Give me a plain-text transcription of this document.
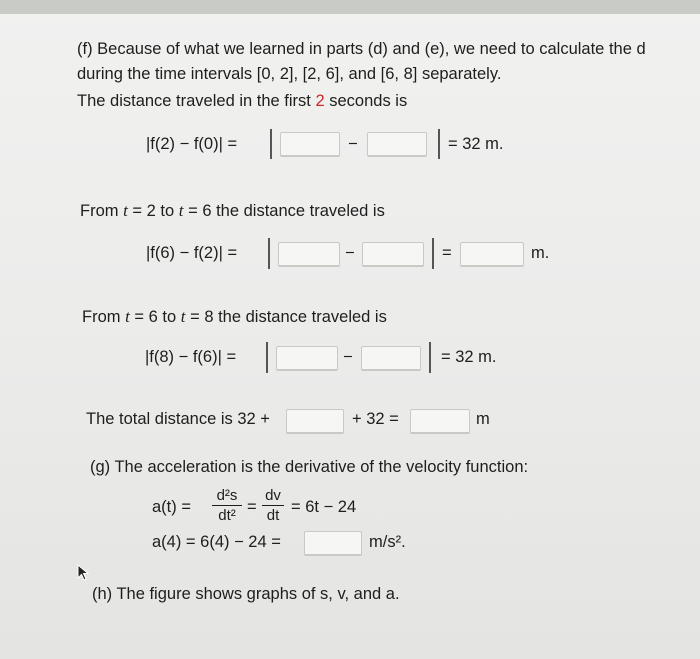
(f) Because of what we learned in parts (d) and (e), we need to calculate the d
during the time intervals [0, 2], [2, 6], and [6, 8] separately.
The distance traveled in the first 2 seconds is
|f(2) − f(0)| =	−	= 32 m.
From t = 2 to t = 6 the distance traveled is
|f(6) − f(2)| =	−	=	m.
From t = 6 to t = 8 the distance traveled is
|f(8) − f(6)| =	−	= 32 m.
The total distance is 32 +	+ 32 =	m
(g) The acceleration is the derivative of the velocity function:
a(t) =
d²s
dt² =
dv
dt = 6t − 24
a(4) = 6(4) − 24 =	m/s².
(h) The figure shows graphs of s, v, and a.
